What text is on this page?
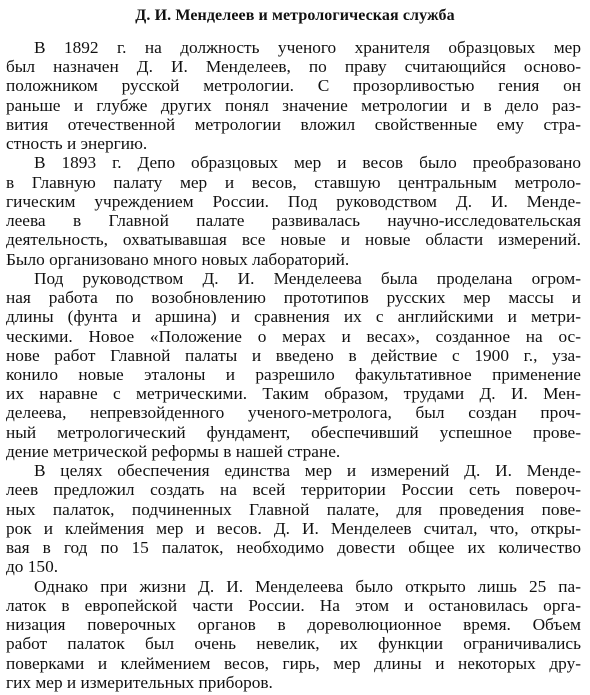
Д. И. Менделеев и метрологическая служба
В 1892 г. на должность ученого хранителя образцовых мер
был назначен Д. И. Менделеев, по праву считающийся осново-
положником русской метрологии. С прозорливостью гения он
раньше и глубже других понял значение метрологии и в дело раз-
вития отечественной метрологии вложил свойственные ему стра-
стность и энергию.
В 1893 г. Депо образцовых мер и весов было преобразовано
в Главную палату мер и весов, ставшую центральным метроло-
гическим учреждением России. Под руководством Д. И. Менде-
леева в Главной палате развивалась научно-исследовательская
деятельность, охватывавшая все новые и новые области измерений.
Было организовано много новых лабораторий.
Под руководством Д. И. Менделеева была проделана огром-
ная работа по возобновлению прототипов русских мер массы и
длины (фунта и аршина) и сравнения их с английскими и метри-
ческими. Новое «Положение о мерах и весах», созданное на ос-
нове работ Главной палаты и введено в действие с 1900 г., уза-
конило новые эталоны и разрешило факультативное применение
их наравне с метрическими. Таким образом, трудами Д. И. Мен-
делеева, непревзойденного ученого-метролога, был создан проч-
ный метрологический фундамент, обеспечивший успешное прове-
дение метрической реформы в нашей стране.
В целях обеспечения единства мер и измерений Д. И. Менде-
леев предложил создать на всей территории России сеть поверoч-
ных палаток, подчиненных Главной палате, для проведения пове-
рок и клеймения мер и весов. Д. И. Менделеев считал, что, откры-
вая в год по 15 палаток, необходимо довести общее их количество
до 150.
Однако при жизни Д. И. Менделеева было открыто лишь 25 па-
латок в европейской части России. На этом и остановилась орга-
низация поверочных органов в дореволюционное время. Объем
работ палаток был очень невелик, их функции ограничивались
поверками и клеймением весов, гирь, мер длины и некоторых дру-
гих мер и измерительных приборов.
